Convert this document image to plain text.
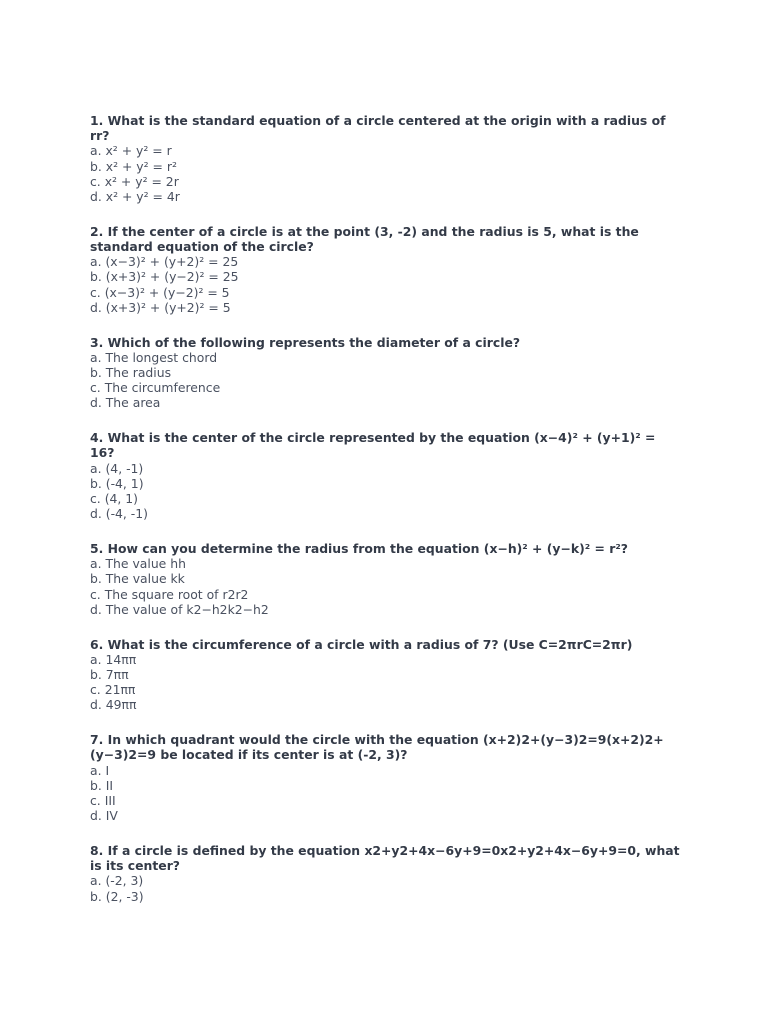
1. What is the standard equation of a circle centered at the origin with a radius of rr?
a. x² + y² = r
b. x² + y² = r²
c. x² + y² = 2r
d. x² + y² = 4r
2. If the center of a circle is at the point (3, -2) and the radius is 5, what is the standard equation of the circle?
a. (x−3)² + (y+2)² = 25
b. (x+3)² + (y−2)² = 25
c. (x−3)² + (y−2)² = 5
d. (x+3)² + (y+2)² = 5
3. Which of the following represents the diameter of a circle?
a. The longest chord
b. The radius
c. The circumference
d. The area
4. What is the center of the circle represented by the equation (x−4)² + (y+1)² = 16?
a. (4, -1)
b. (-4, 1)
c. (4, 1)
d. (-4, -1)
5. How can you determine the radius from the equation (x−h)² + (y−k)² = r²?
a. The value hh
b. The value kk
c. The square root of r2r2
d. The value of k2−h2k2−h2
6. What is the circumference of a circle with a radius of 7? (Use C=2πrC=2πr)
a. 14ππ
b. 7ππ
c. 21ππ
d. 49ππ
7. In which quadrant would the circle with the equation (x+2)2+(y−3)2=9(x+2)2+(y−3)2=9 be located if its center is at (-2, 3)?
a. I
b. II
c. III
d. IV
8. If a circle is defined by the equation x2+y2+4x−6y+9=0x2+y2+4x−6y+9=0, what is its center?
a. (-2, 3)
b. (2, -3)
